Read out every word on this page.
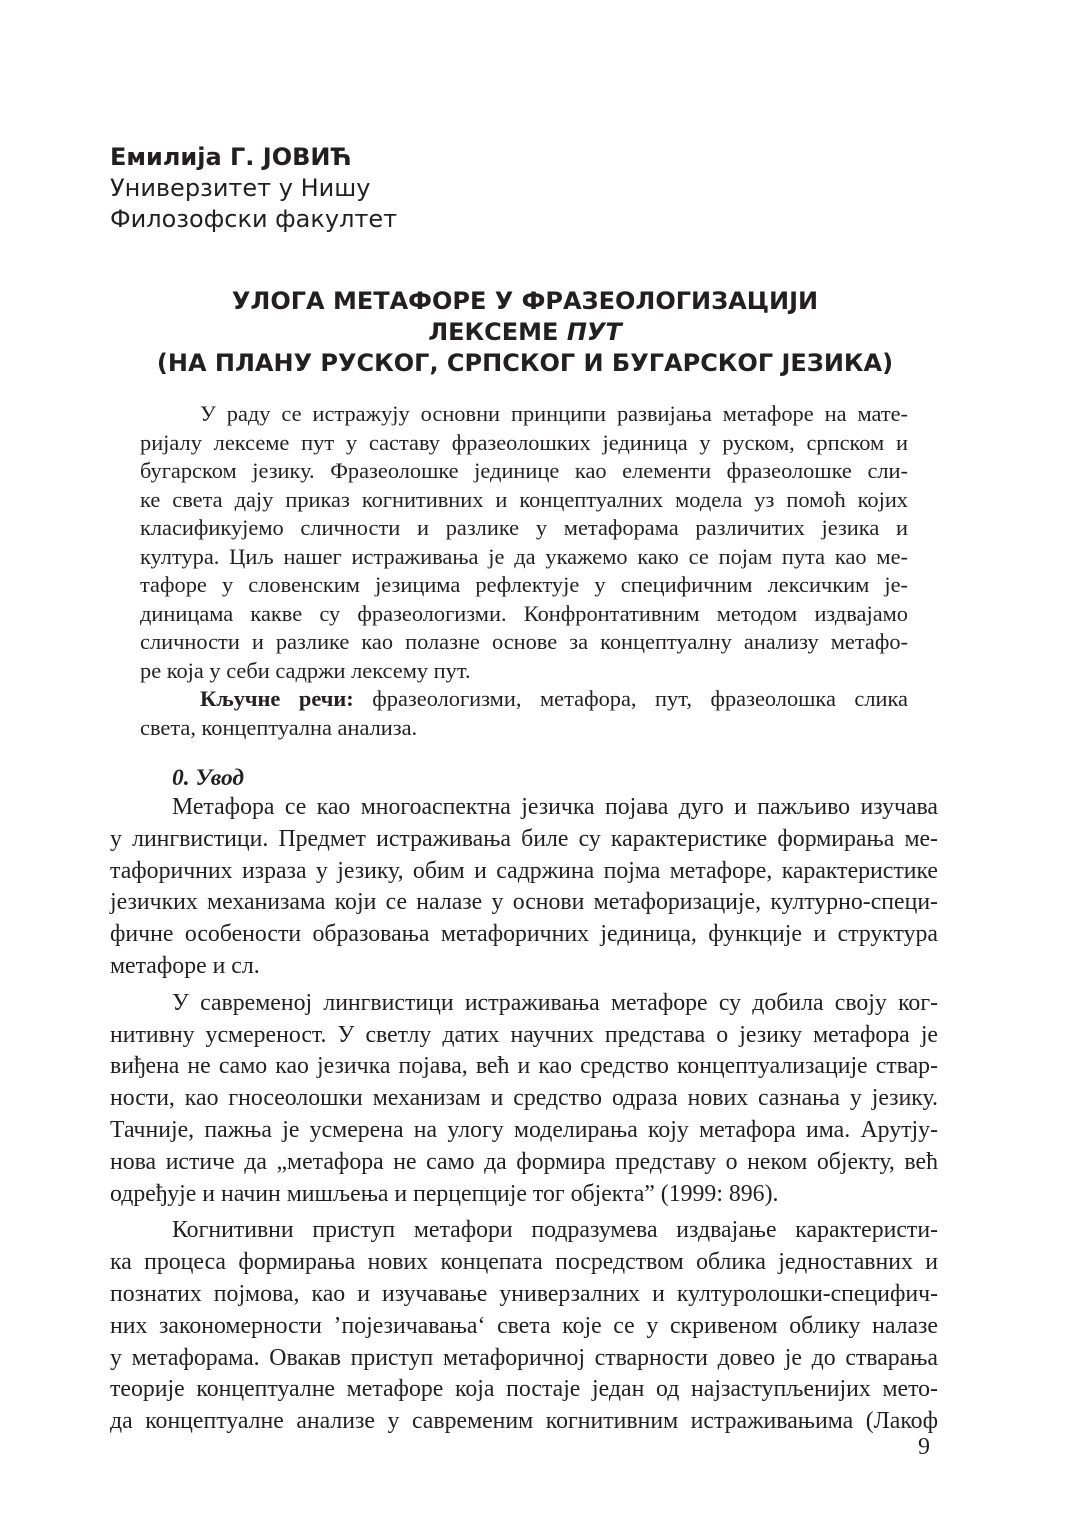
Емилија Г. ЈОВИЋ
Универзитет у Нишу
Филозофски факултет
УЛОГА МЕТАФОРЕ У ФРАЗЕОЛОГИЗАЦИЈИ
ЛЕКСЕМЕ ПУТ
(НА ПЛАНУ РУСКОГ, СРПСКОГ И БУГАРСКОГ ЈЕЗИКА)
У раду се истражују основни принципи развијања метафоре на мате-
ријалу лексеме пут у саставу фразеолошких јединица у руском, српском и
бугарском језику. Фразеолошке јединице као елементи фразеолошке сли-
ке света дају приказ когнитивних и концептуалних модела уз помоћ којих
класификујемо сличности и разлике у метафорама различитих језика и
култура. Циљ нашег истраживања је да укажемо како се појам пута као ме-
тафоре у словенским језицима рефлектује у специфичним лексичким је-
диницама какве су фразеологизми. Конфронтативним методом издвајамо
сличности и разлике као полазне основе за концептуалну анализу метафо-
ре која у себи садржи лексему пут.
Кључне речи: фразеологизми, метафора, пут, фразеолошка слика
света, концептуална анализа.
0. Увод
Метафора се као многоаспектна језичка појава дуго и пажљиво изучава
у лингвистици. Предмет истраживања биле су карактеристике формирања ме-
тафоричних израза у језику, обим и садржина појма метафоре, карактеристике
језичких механизама који се налазе у основи метафоризације, културно-специ-
фичне особености образовања метафоричних јединица, функције и структура
метафоре и сл.
У савременој лингвистици истраживања метафоре су добила своју ког-
нитивну усмереност. У светлу датих научних представа о језику метафора је
виђена не само као језичка појава, већ и као средство концептуализације ствар-
ности, као гносеолошки механизам и средство одраза нових сазнања у језику.
Тачније, пажња је усмерена на улогу моделирања коју метафора има. Арутју-
нова истиче да „метафора не само да формира представу о неком објекту, већ
одређује и начин мишљења и перцепције тог објекта” (1999: 896).
Когнитивни приступ метафори подразумева издвајање карактеристи-
ка процеса формирања нових концепата посредством облика једноставних и
познатих појмова, као и изучавање универзалних и културолошки-специфич-
них закономерности ’појезичавања‘ света које се у скривеном облику налазе
у метафорама. Овакав приступ метафоричној стварности довео је до стварања
теорије концептуалне метафоре која постаје један од најзаступљенијих мето-
да концептуалне анализе у савременим когнитивним истраживањима (Лакоф
9
